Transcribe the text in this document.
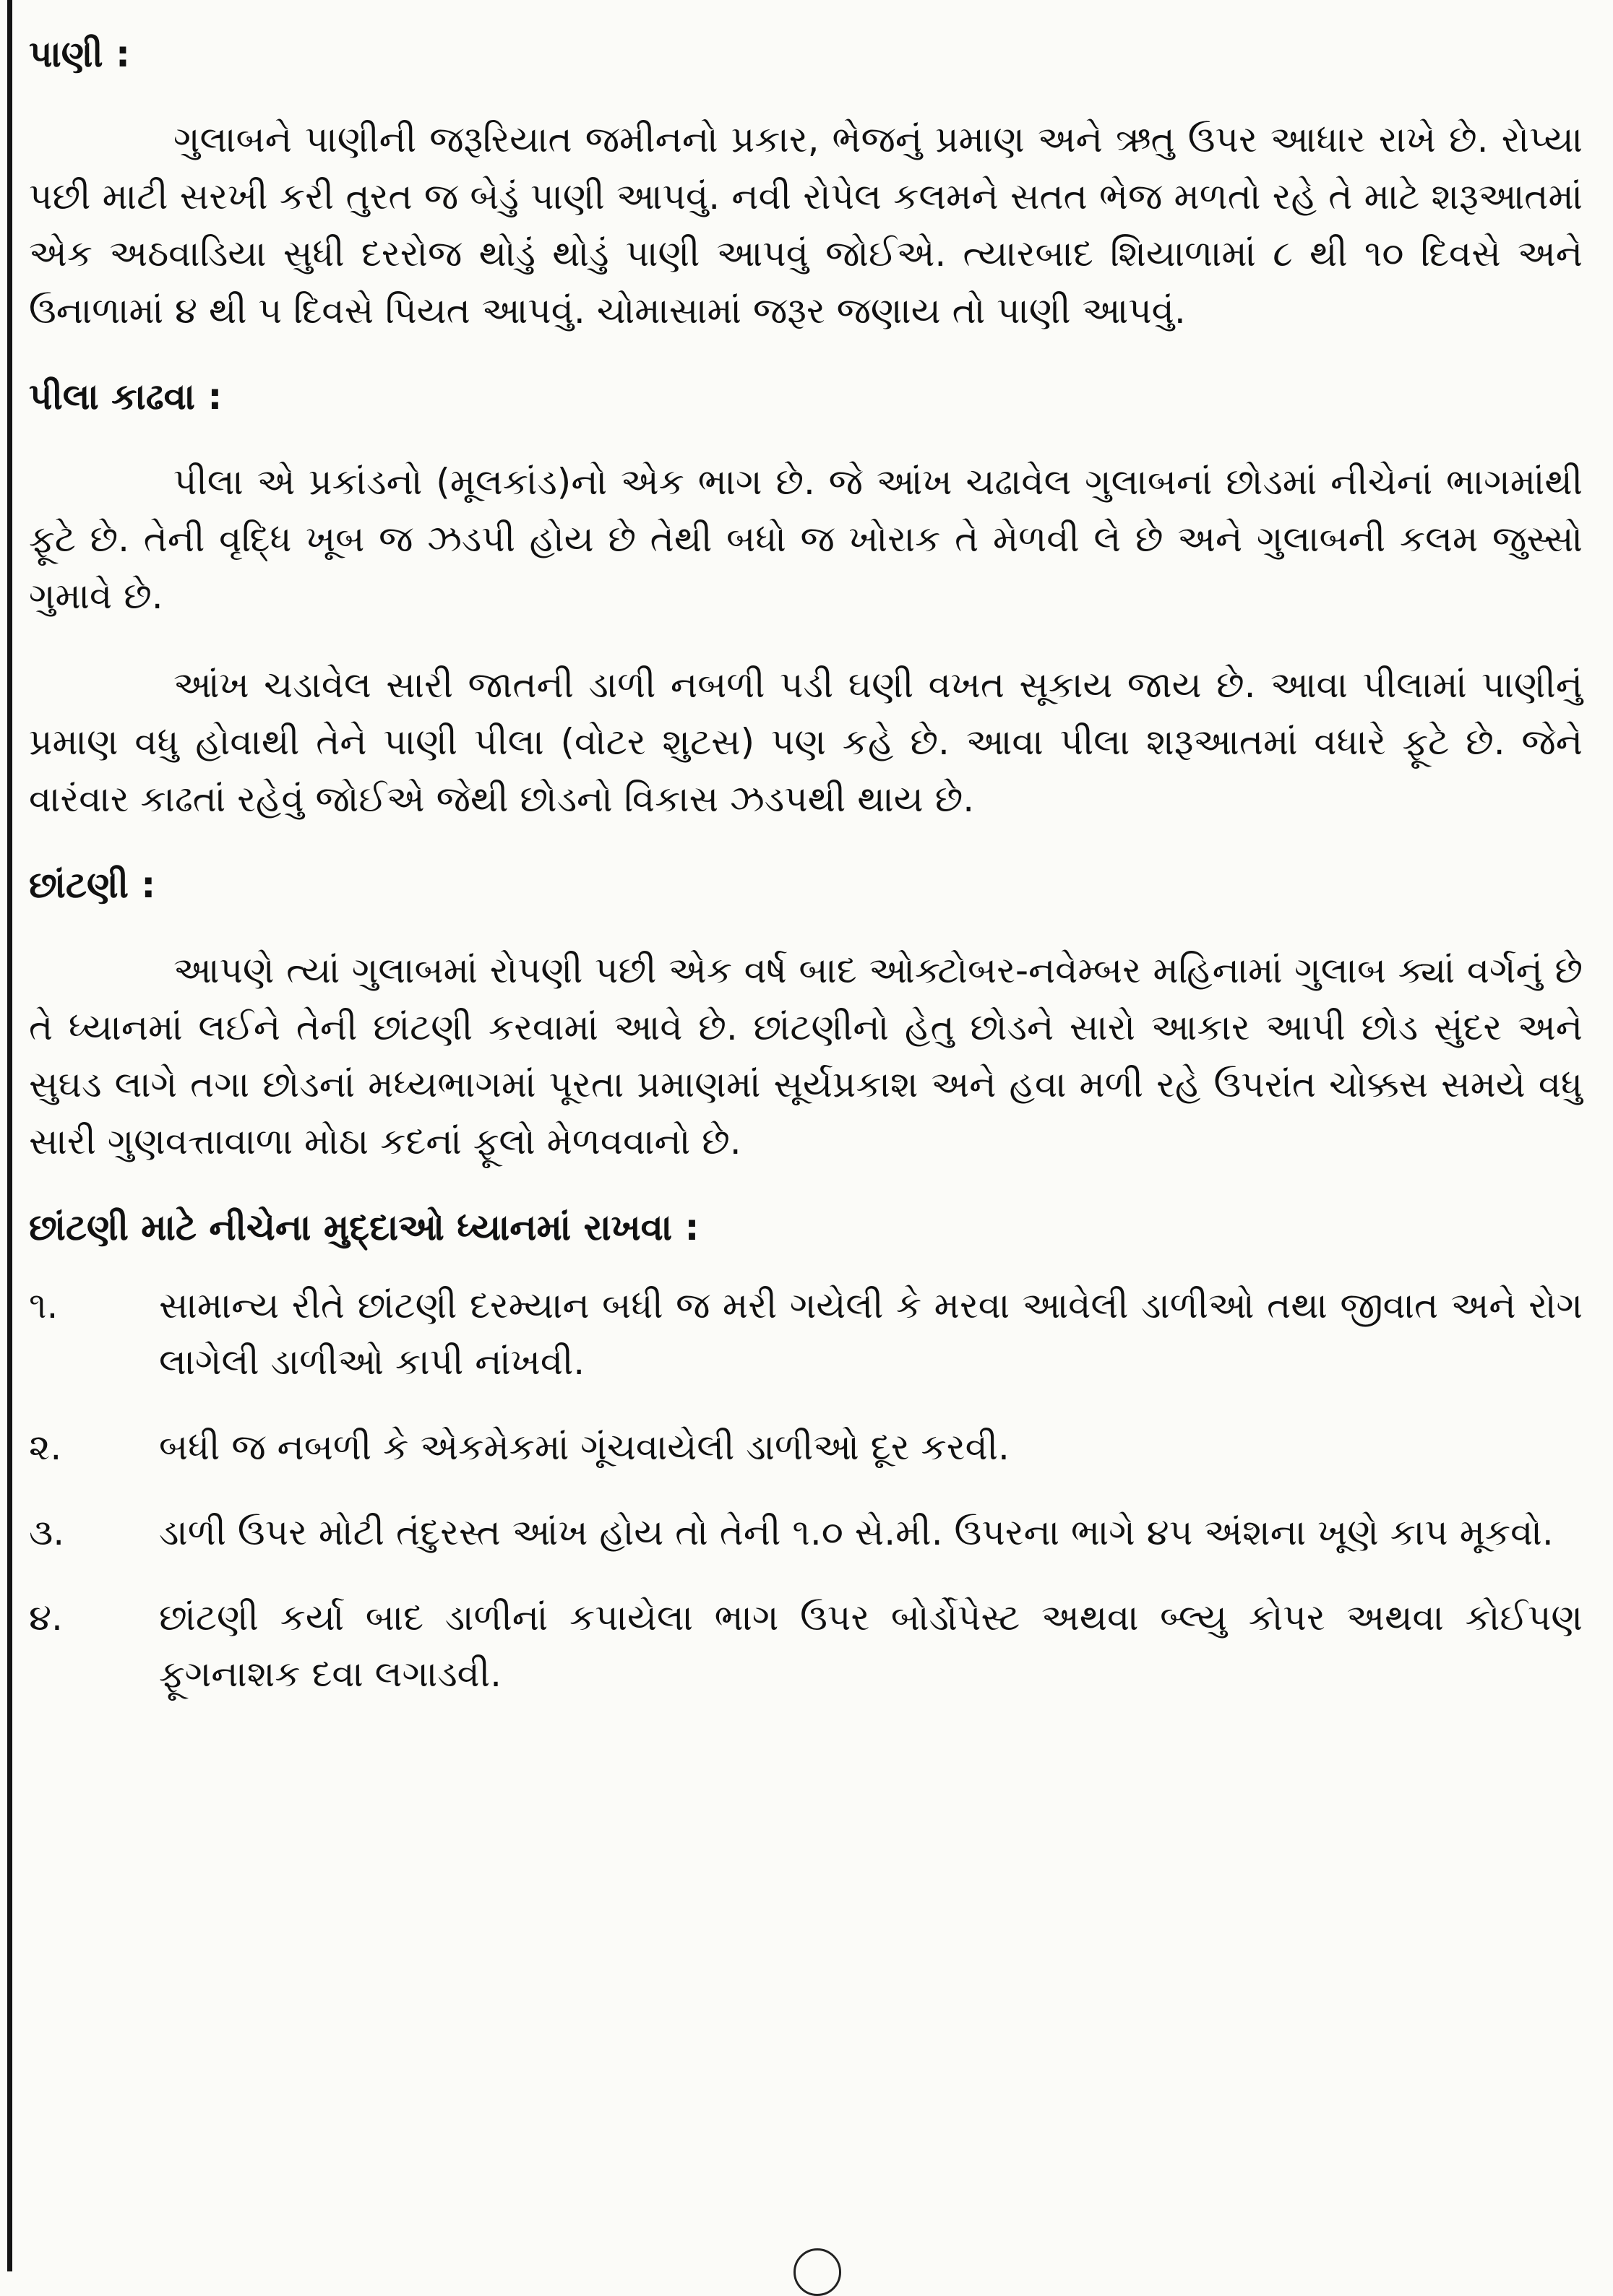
પાણી :

ગુલાબને પાણીની જરૂરિયાત જમીનનો પ્રકાર, ભેજનું પ્રમાણ અને ઋતુ ઉપર આધાર રાખે છે. રોપ્યા પછી માટી સરખી કરી તુરત જ બેડું પાણી આપવું. નવી રોપેલ કલમને સતત ભેજ મળતો રહે તે માટે શરૂઆતમાં એક અઠવાડિયા સુધી દરરોજ થોડું થોડું પાણી આપવું જોઈએ. ત્યારબાદ શિયાળામાં ૮ થી ૧૦ દિવસે અને ઉનાળામાં ૪ થી ૫ દિવસે પિયત આપવું. ચોમાસામાં જરૂર જણાય તો પાણી આપવું.

પીલા કાઢવા :

પીલા એ પ્રકાંડનો (મૂલકાંડ)નો એક ભાગ છે. જે આંખ ચઢાવેલ ગુલાબનાં છોડમાં નીચેનાં ભાગમાંથી ફૂટે છે. તેની વૃદ્ધિ ખૂબ જ ઝડપી હોય છે તેથી બધો જ ખોરાક તે મેળવી લે છે અને ગુલાબની કલમ જુસ્સો ગુમાવે છે.

આંખ ચડાવેલ સારી જાતની ડાળી નબળી પડી ઘણી વખત સૂકાય જાય છે. આવા પીલામાં પાણીનું પ્રમાણ વધુ હોવાથી તેને પાણી પીલા (વોટર શુટસ) પણ કહે છે. આવા પીલા શરૂઆતમાં વધારે ફૂટે છે. જેને વારંવાર કાઢતાં રહેવું જોઈએ જેથી છોડનો વિકાસ ઝડપથી થાય છે.

છાંટણી :

આપણે ત્યાં ગુલાબમાં રોપણી પછી એક વર્ષ બાદ ઓક્ટોબર-નવેમ્બર મહિનામાં ગુલાબ ક્યાં વર્ગનું છે તે ધ્યાનમાં લઈને તેની છાંટણી કરવામાં આવે છે. છાંટણીનો હેતુ છોડને સારો આકાર આપી છોડ સુંદર અને સુઘડ લાગે તગા છોડનાં મધ્યભાગમાં પૂરતા પ્રમાણમાં સૂર્યપ્રકાશ અને હવા મળી રહે ઉપરાંત ચોક્કસ સમયે વધુ સારી ગુણવત્તાવાળા મોઠા કદનાં ફૂલો મેળવવાનો છે.

છાંટણી માટે નીચેના મુદ્દાઓ ધ્યાનમાં રાખવા :
૧.	સામાન્ય રીતે છાંટણી દરમ્યાન બધી જ મરી ગયેલી કે મરવા આવેલી ડાળીઓ તથા જીવાત અને રોગ લાગેલી ડાળીઓ કાપી નાંખવી.
૨.	બધી જ નબળી કે એકમેકમાં ગૂંચવાયેલી ડાળીઓ દૂર કરવી.
૩.	ડાળી ઉપર મોટી તંદુરસ્ત આંખ હોય તો તેની ૧.૦ સે.મી. ઉપરના ભાગે ૪૫ અંશના ખૂણે કાપ મૂકવો.
૪.	છાંટણી કર્યા બાદ ડાળીનાં કપાયેલા ભાગ ઉપર બોર્ડોપેસ્ટ અથવા બ્લ્યુ કોપર અથવા કોઈપણ ફૂગનાશક દવા લગાડવી.
